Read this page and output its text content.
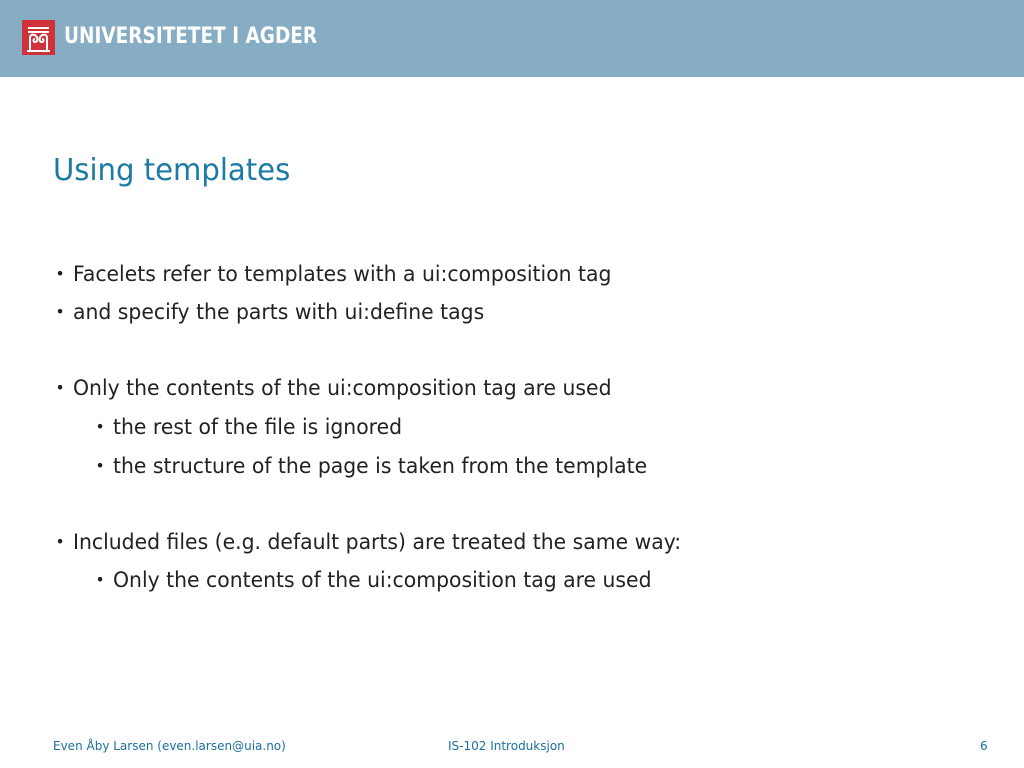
UNIVERSITETET I AGDER
Using templates
• Facelets refer to templates with a ui:composition tag
• and specify the parts with ui:define tags
• Only the contents of the ui:composition tag are used
• the rest of the file is ignored
• the structure of the page is taken from the template
• Included files (e.g. default parts) are treated the same way:
• Only the contents of the ui:composition tag are used
Even Åby Larsen (even.larsen@uia.no)	IS-102 Introduksjon	6
